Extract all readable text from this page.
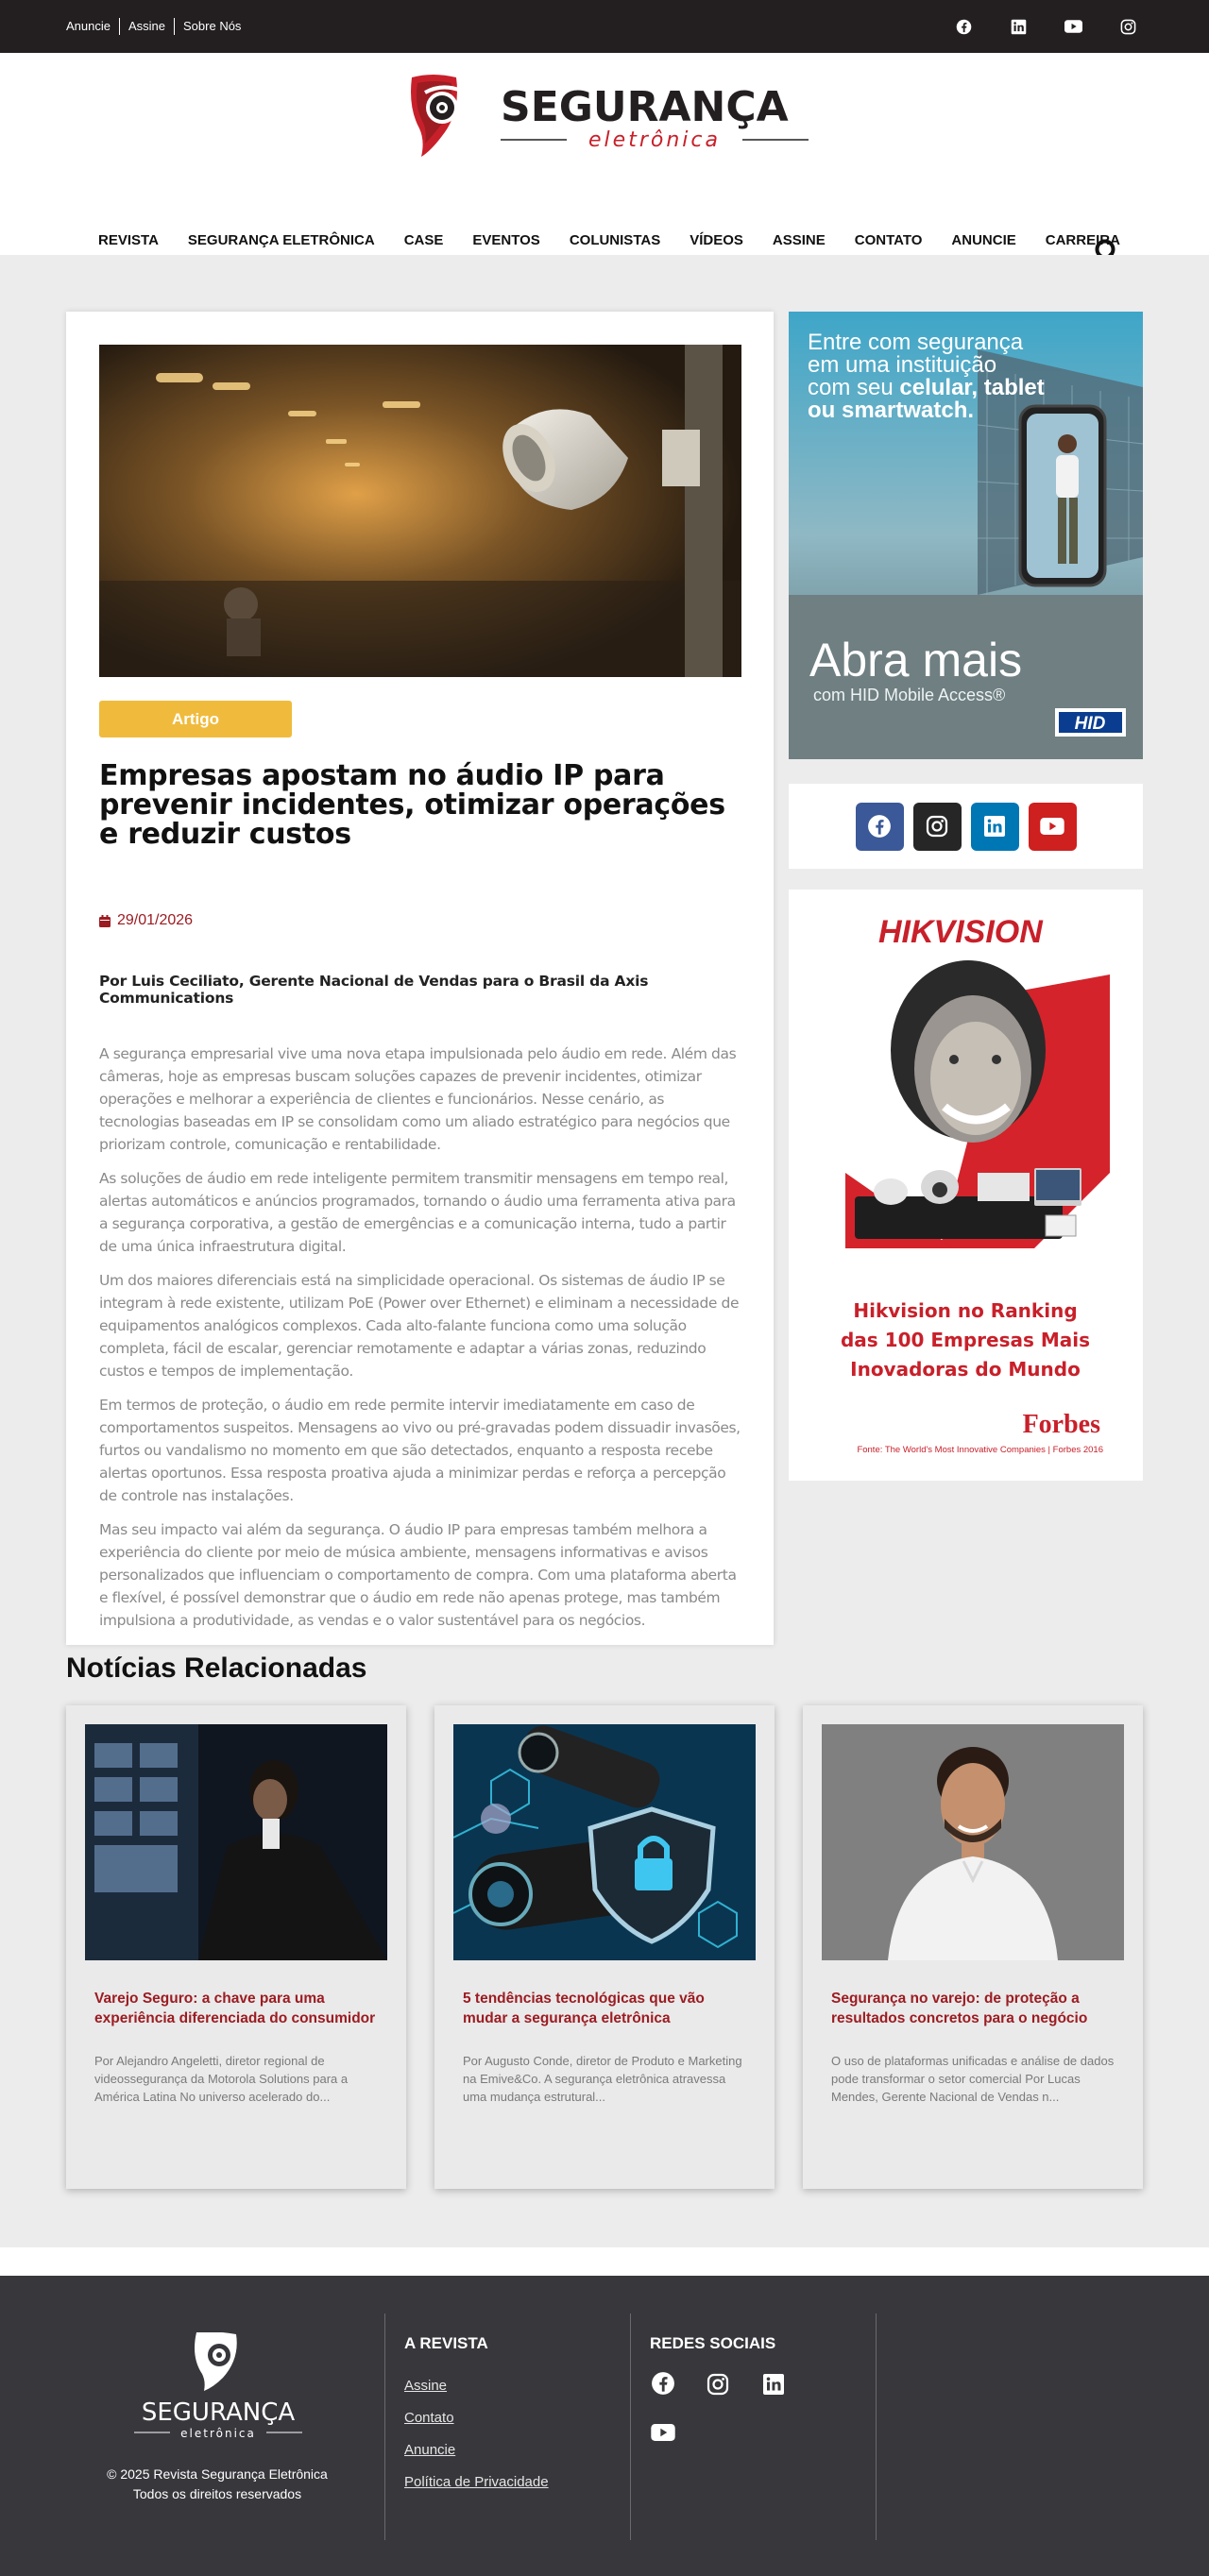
Anuncie	Assine	Sobre Nós
SEGURANÇA
eletrônica
REVISTA SEGURANÇA ELETRÔNICA CASE EVENTOS COLUNISTAS VÍDEOS ASSINE CONTATO ANUNCIE CARREIRA
Artigo
Empresas apostam no áudio IP para prevenir incidentes, otimizar operações e reduzir custos
29/01/2026

Por Luis Ceciliato, Gerente Nacional de Vendas para o Brasil da Axis Communications

A segurança empresarial vive uma nova etapa impulsionada pelo áudio em rede. Além das câmeras, hoje as empresas buscam soluções capazes de prevenir incidentes, otimizar operações e melhorar a experiência de clientes e funcionários. Nesse cenário, as tecnologias baseadas em IP se consolidam como um aliado estratégico para negócios que priorizam controle, comunicação e rentabilidade.

As soluções de áudio em rede inteligente permitem transmitir mensagens em tempo real, alertas automáticos e anúncios programados, tornando o áudio uma ferramenta ativa para a segurança corporativa, a gestão de emergências e a comunicação interna, tudo a partir de uma única infraestrutura digital.

Um dos maiores diferenciais está na simplicidade operacional. Os sistemas de áudio IP se integram à rede existente, utilizam PoE (Power over Ethernet) e eliminam a necessidade de equipamentos analógicos complexos. Cada alto-falante funciona como uma solução completa, fácil de escalar, gerenciar remotamente e adaptar a várias zonas, reduzindo custos e tempos de implementação.

Em termos de proteção, o áudio em rede permite intervir imediatamente em caso de comportamentos suspeitos. Mensagens ao vivo ou pré-gravadas podem dissuadir invasões, furtos ou vandalismo no momento em que são detectados, enquanto a resposta recebe alertas oportunos. Essa resposta proativa ajuda a minimizar perdas e reforça a percepção de controle nas instalações.

Mas seu impacto vai além da segurança. O áudio IP para empresas também melhora a experiência do cliente por meio de música ambiente, mensagens informativas e avisos personalizados que influenciam o comportamento de compra. Com uma plataforma aberta e flexível, é possível demonstrar que o áudio em rede não apenas protege, mas também impulsiona a produtividade, as vendas e o valor sustentável para os negócios.

Entre com segurança
em uma instituição
com seu celular, tablet
ou smartwatch.
Abra mais
com HID Mobile Access®
HID
HIKVISION
Hikvision no Ranking
das 100 Empresas Mais
Inovadoras do Mundo
Forbes
Fonte: The World's Most Innovative Companies | Forbes 2016
Notícias Relacionadas
Varejo Seguro: a chave para uma experiência diferenciada do consumidor
Por Alejandro Angeletti, diretor regional de videossegurança da Motorola Solutions para a América Latina No universo acelerado do...
5 tendências tecnológicas que vão mudar a segurança eletrônica
Por Augusto Conde, diretor de Produto e Marketing na Emive&Co. A segurança eletrônica atravessa uma mudança estrutural...
Segurança no varejo: de proteção a resultados concretos para o negócio
O uso de plataformas unificadas e análise de dados pode transformar o setor comercial Por Lucas Mendes, Gerente Nacional de Vendas n...
SEGURANÇA
eletrônica
© 2025 Revista Segurança Eletrônica
Todos os direitos reservados
A REVISTA
Assine
Contato
Anuncie
Política de Privacidade
REDES SOCIAIS
